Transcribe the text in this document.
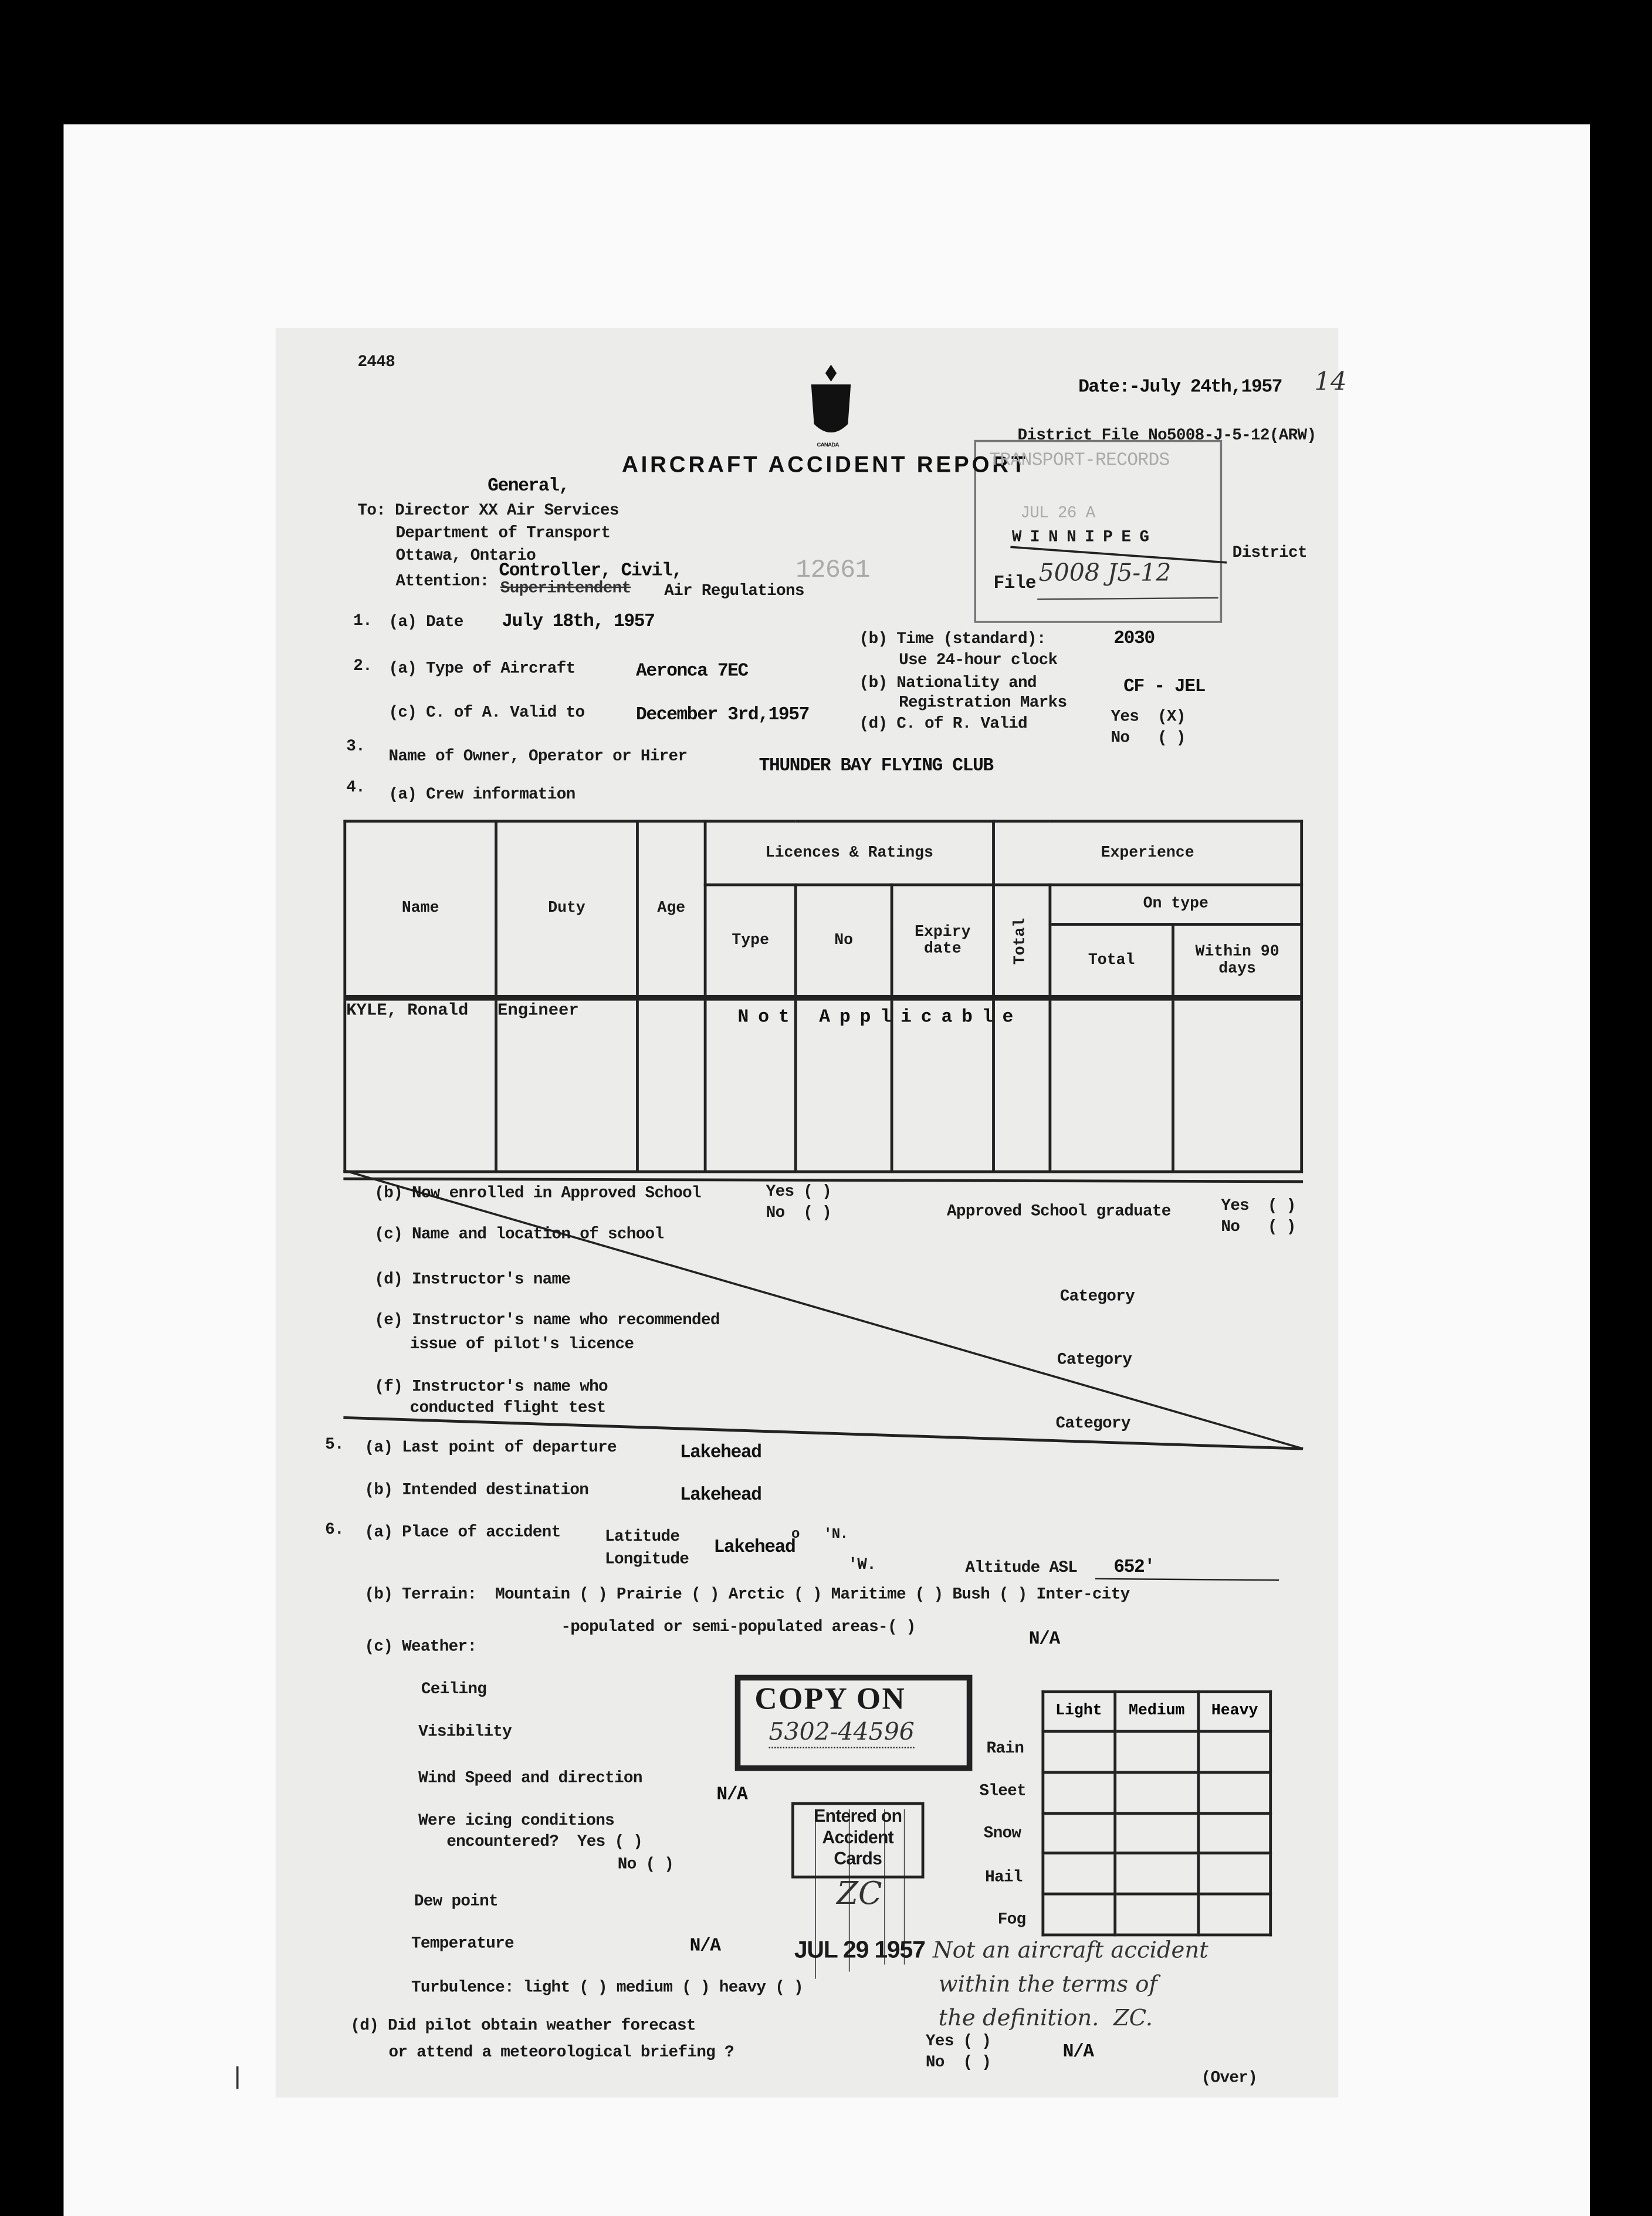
2448
CANADA
Date:-July 24th,1957	14
District File No5008-J-5-12(ARW)
AIRCRAFT ACCIDENT REPORT
TRANSPORT-RECORDS
JUL 26 A
WINNIPEG
District
File 5008 J5-12
General,
To: Director XX Air Services
Department of Transport
Ottawa, Ontario
Attention: Superintendent
Controller, Civil,
Air Regulations
12661
1. (a) Date	July 18th, 1957
(b) Time (standard):
Use 24-hour clock
2030
2. (a) Type of Aircraft	Aeronca 7EC
(b) Nationality and
Registration Marks
CF - JEL
(c) C. of A. Valid to	December 3rd,1957	(d) C. of R. Valid	Yes  (X)
No   ( )
3.
Name of Owner, Operator or Hirer	THUNDER BAY FLYING CLUB
4.	(a) Crew information
Name	Duty	Age	Licences & Ratings			Experience		
			Type	No	Expiry date	Total	On type	
							Total	Within 90 days
KYLE, Ronald	Engineer								N o t   A p p l i c a b l e
(b) Now enrolled in Approved School	Yes ( )
No  ( )	Approved School graduate	Yes  ( )
No   ( )
(c) Name and location of school
(d) Instructor's name
Category
(e) Instructor's name who recommended
issue of pilot's licence
Category
(f) Instructor's name who
conducted flight test
Category
5.	(a) Last point of departure	Lakehead
(b) Intended destination	Lakehead
6.	(a) Place of accident	Latitude
Longitude
Lakehead
o   'N.
'W.	Altitude ASL	652'
(b) Terrain:  Mountain ( ) Prairie ( ) Arctic ( ) Maritime ( ) Bush ( ) Inter-city
-populated or semi-populated areas-( )
N/A
(c) Weather:
Ceiling
Visibility
Wind Speed and direction
N/A
Were icing conditions
encountered?  Yes ( )
No ( )
Dew point
Temperature	N/A
Turbulence: light ( ) medium ( ) heavy ( )
Rain
Sleet
Snow
Hail
Fog
Light	Medium	Heavy

COPY ON
5302-44596
Entered on
Accident
Cards
ZC
JUL 29 1957 Not an aircraft accident
within the terms of
the definition.  ZC.
(d) Did pilot obtain weather forecast
or attend a meteorological briefing ?
Yes ( )
No  ( )
N/A
(Over)
